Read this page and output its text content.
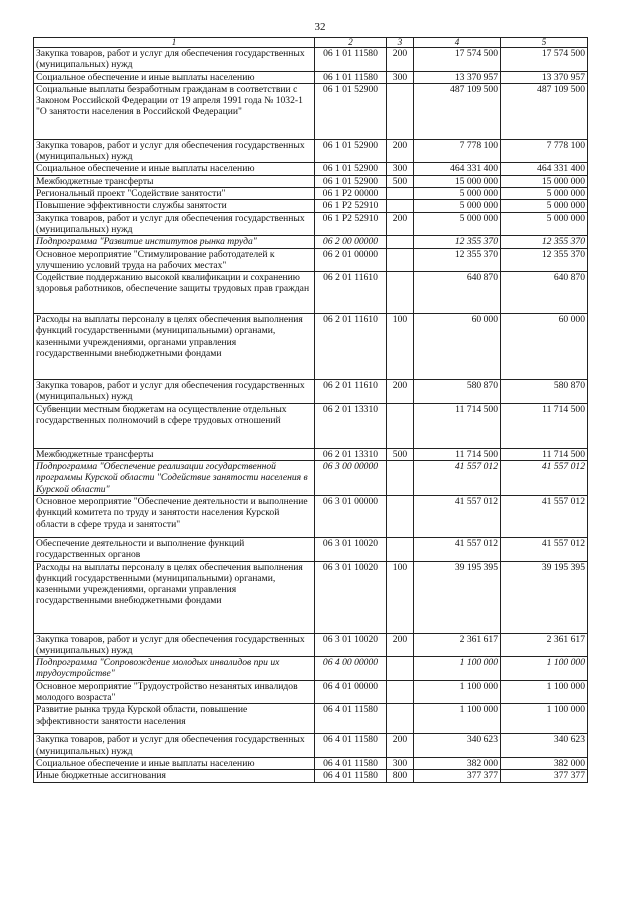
32
1	2	3	4	5
Закупка товаров, работ и услуг для обеспечения государственных (муниципальных) нужд	06 1 01 11580	200	17 574 500	17 574 500
Социальное обеспечение и иные выплаты населению	06 1 01 11580	300	13 370 957	13 370 957
Социальные выплаты безработным гражданам в соответствии с Законом Российской Федерации от 19 апреля 1991 года № 1032-1 "О занятости населения в Российской Федерации"	06 1 01 52900		487 109 500	487 109 500
Закупка товаров, работ и услуг для обеспечения государственных (муниципальных) нужд	06 1 01 52900	200	7 778 100	7 778 100
Социальное обеспечение и иные выплаты населению	06 1 01 52900	300	464 331 400	464 331 400
Межбюджетные трансферты	06 1 01 52900	500	15 000 000	15 000 000
Региональный проект "Содействие занятости"	06 1 P2 00000		5 000 000	5 000 000
Повышение эффективности службы занятости	06 1 P2 52910		5 000 000	5 000 000
Закупка товаров, работ и услуг для обеспечения государственных (муниципальных) нужд	06 1 P2 52910	200	5 000 000	5 000 000
Подпрограмма "Развитие институтов рынка труда"	06 2 00 00000		12 355 370	12 355 370
Основное мероприятие "Стимулирование работодателей к улучшению условий труда на рабочих местах"	06 2 01 00000		12 355 370	12 355 370
Содействие поддержанию высокой квалификации и сохранению здоровья работников, обеспечение защиты трудовых прав граждан	06 2 01 11610		640 870	640 870
Расходы на выплаты персоналу в целях обеспечения выполнения функций государственными (муниципальными) органами, казенными учреждениями, органами управления государственными внебюджетными фондами	06 2 01 11610	100	60 000	60 000
Закупка товаров, работ и услуг для обеспечения государственных (муниципальных) нужд	06 2 01 11610	200	580 870	580 870
Субвенции местным бюджетам на осуществление отдельных государственных полномочий в сфере трудовых отношений	06 2 01 13310		11 714 500	11 714 500
Межбюджетные трансферты	06 2 01 13310	500	11 714 500	11 714 500
Подпрограмма "Обеспечение реализации государственной программы Курской области "Содействие занятости населения в Курской области"	06 3 00 00000		41 557 012	41 557 012
Основное мероприятие "Обеспечение деятельности и выполнение функций комитета по труду и занятости населения Курской области в сфере труда и занятости"	06 3 01 00000		41 557 012	41 557 012
Обеспечение деятельности и выполнение функций государственных органов	06 3 01 10020		41 557 012	41 557 012
Расходы на выплаты персоналу в целях обеспечения выполнения функций государственными (муниципальными) органами, казенными учреждениями, органами управления государственными внебюджетными фондами	06 3 01 10020	100	39 195 395	39 195 395
Закупка товаров, работ и услуг для обеспечения государственных (муниципальных) нужд	06 3 01 10020	200	2 361 617	2 361 617
Подпрограмма "Сопровождение молодых инвалидов при их трудоустройстве"	06 4 00 00000		1 100 000	1 100 000
Основное мероприятие "Трудоустройство незанятых инвалидов молодого возраста"	06 4 01 00000		1 100 000	1 100 000
Развитие рынка труда Курской области, повышение эффективности занятости населения	06 4 01 11580		1 100 000	1 100 000
Закупка товаров, работ и услуг для обеспечения государственных (муниципальных) нужд	06 4 01 11580	200	340 623	340 623
Социальное обеспечение и иные выплаты населению	06 4 01 11580	300	382 000	382 000
Иные бюджетные ассигнования	06 4 01 11580	800	377 377	377 377
